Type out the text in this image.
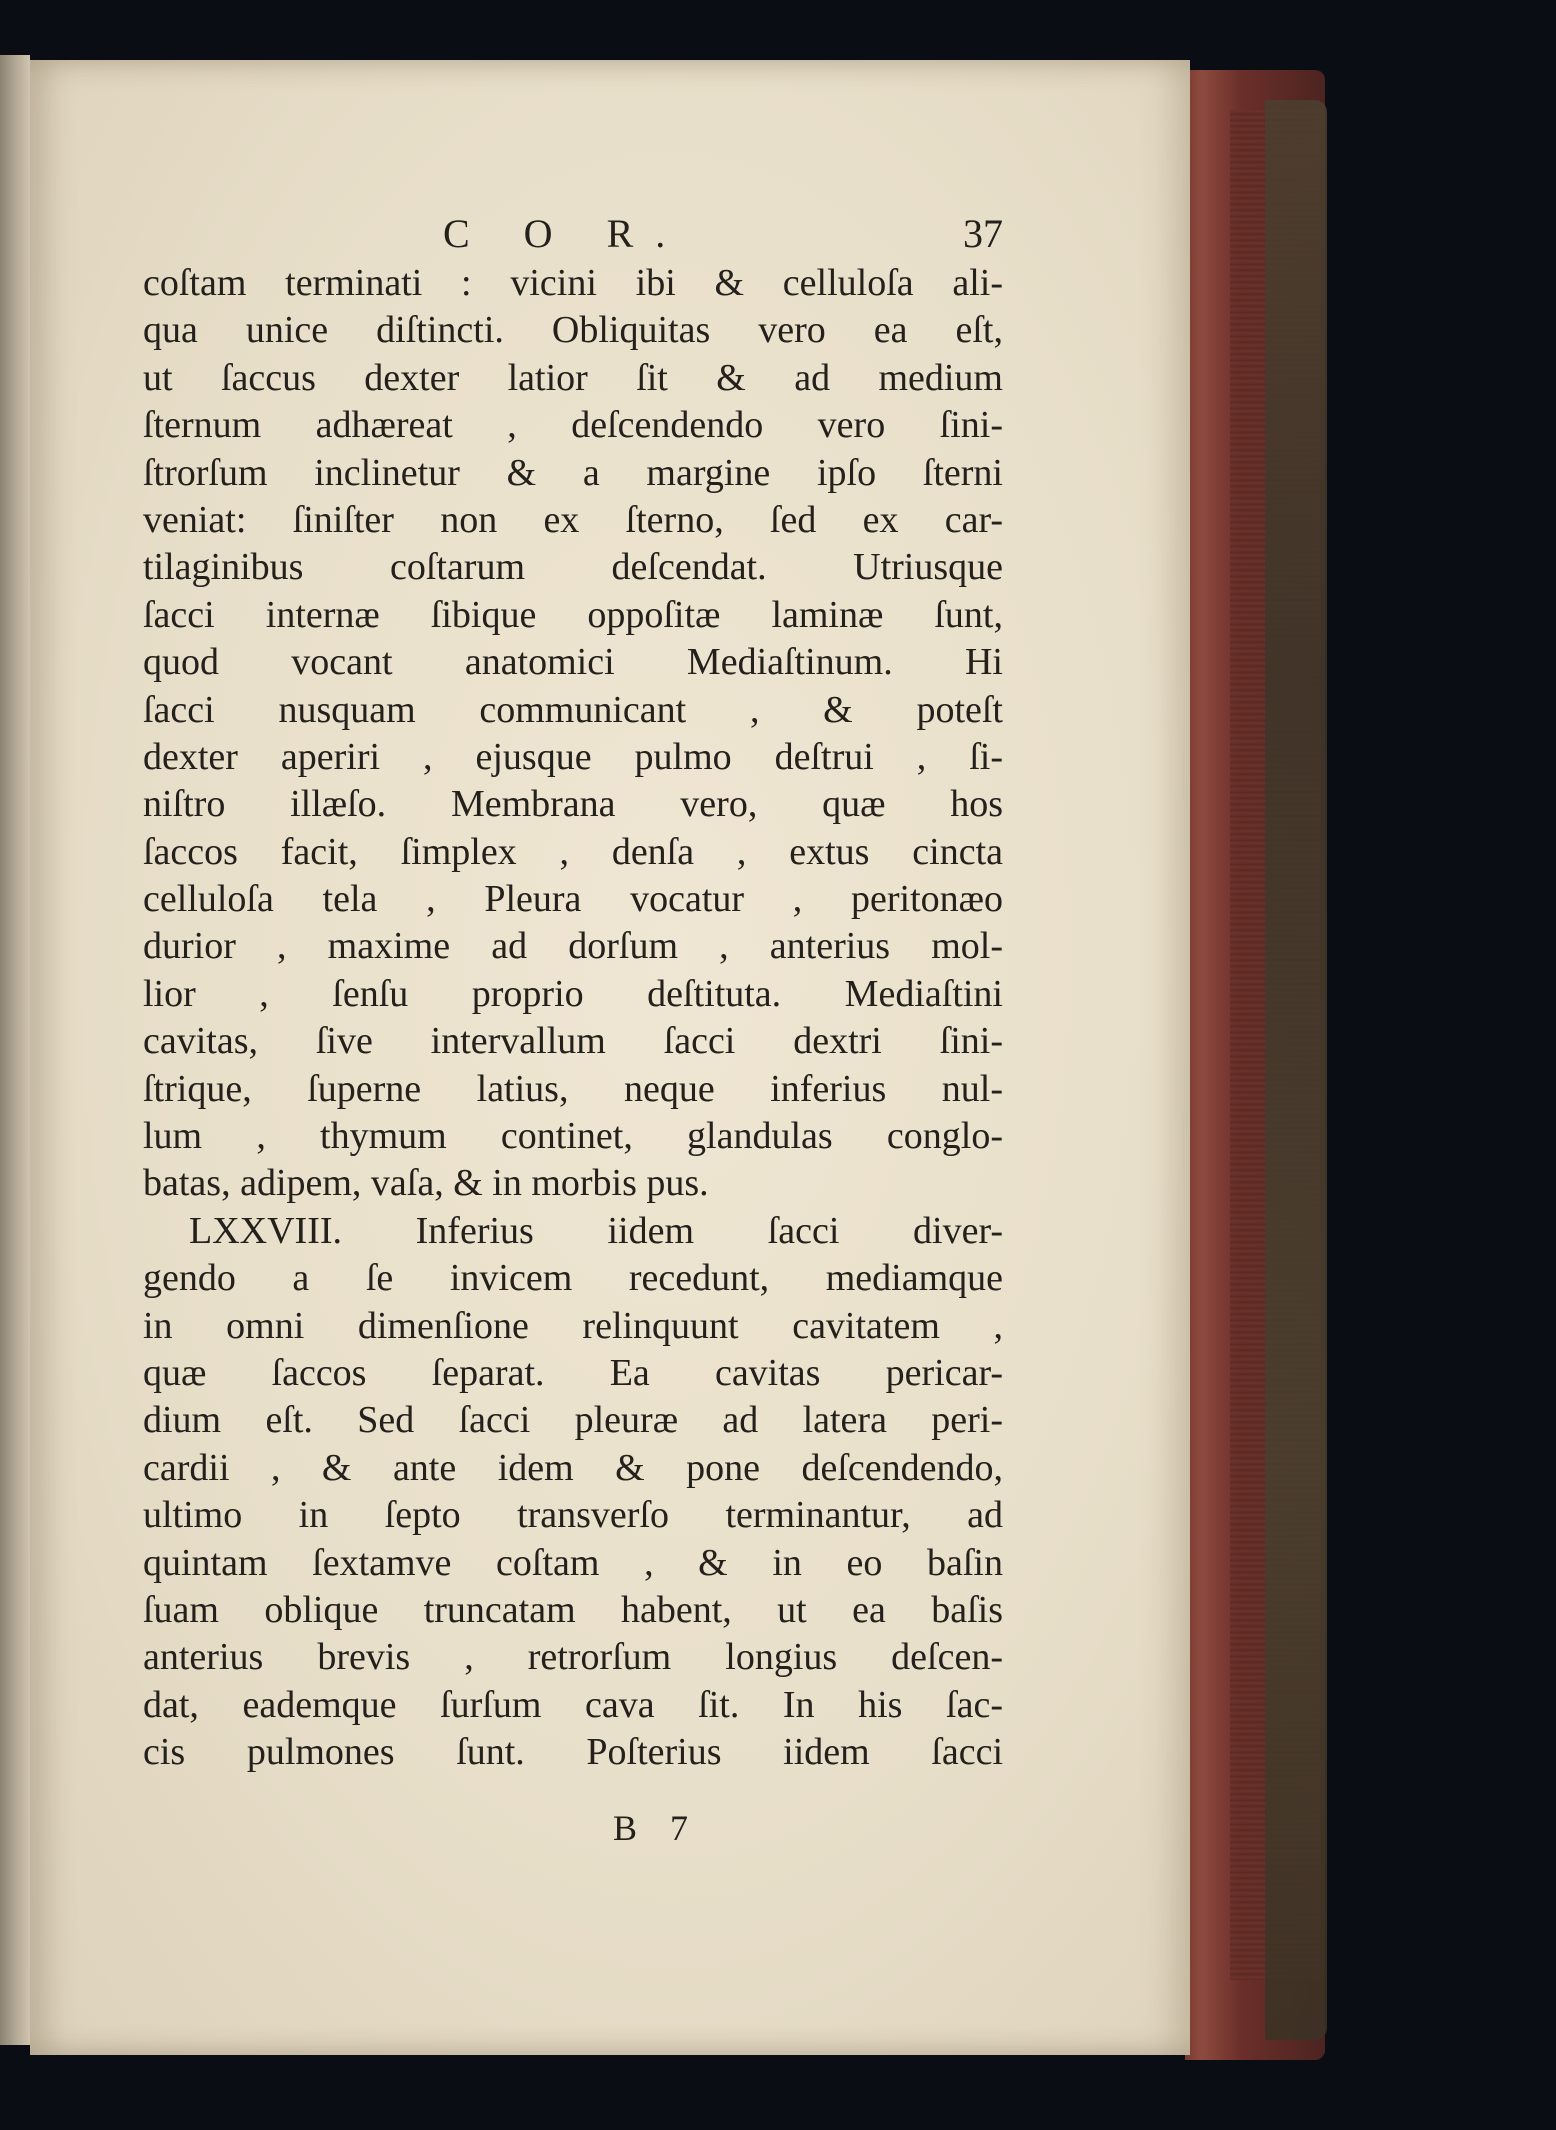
C O R.	37
coſtam terminati : vicini ibi & celluloſa ali-
qua unice diſtincti. Obliquitas vero ea eſt,
ut ſaccus dexter latior ſit & ad medium
ſternum adhæreat , deſcendendo vero ſini-
ſtrorſum inclinetur & a margine ipſo ſterni
veniat: ſiniſter non ex ſterno, ſed ex car-
tilaginibus coſtarum deſcendat. Utriusque
ſacci internæ ſibique oppoſitæ laminæ ſunt,
quod vocant anatomici Mediaſtinum. Hi
ſacci nusquam communicant , & poteſt
dexter aperiri , ejusque pulmo deſtrui , ſi-
niſtro illæſo. Membrana vero, quæ hos
ſaccos facit, ſimplex , denſa , extus cincta
celluloſa tela , Pleura vocatur , peritonæo
durior , maxime ad dorſum , anterius mol-
lior , ſenſu proprio deſtituta. Mediaſtini
cavitas, ſive intervallum ſacci dextri ſini-
ſtrique, ſuperne latius, neque inferius nul-
lum , thymum continet, glandulas conglo-
batas, adipem, vaſa, & in morbis pus.
LXXVIII. Inferius iidem ſacci diver-
gendo a ſe invicem recedunt, mediamque
in omni dimenſione relinquunt cavitatem ,
quæ ſaccos ſeparat. Ea cavitas pericar-
dium eſt. Sed ſacci pleuræ ad latera peri-
cardii , & ante idem & pone deſcendendo,
ultimo in ſepto transverſo terminantur, ad
quintam ſextamve coſtam , & in eo baſin
ſuam oblique truncatam habent, ut ea baſis
anterius brevis , retrorſum longius deſcen-
dat, eademque ſurſum cava ſit. In his ſac-
cis pulmones ſunt. Poſterius iidem ſacci
B 7
